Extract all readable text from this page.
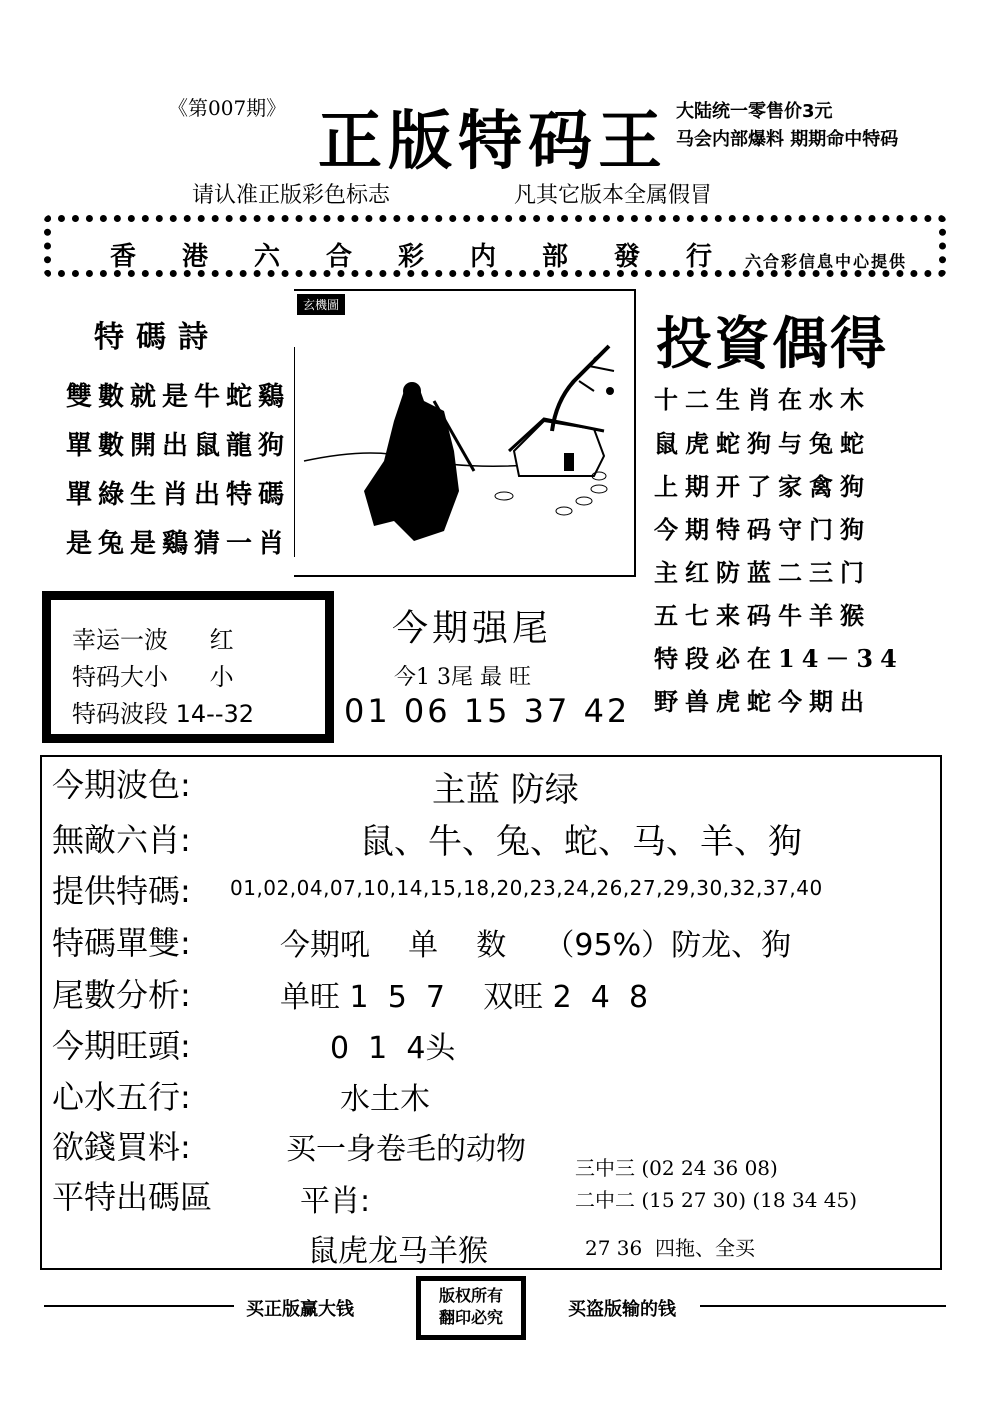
《第007期》 正版特码王 大陆统一零售价3元
马会内部爆料 期期命中特码
请认准正版彩色标志	凡其它版本全属假冒
香港六合彩内部發行
六合彩信息中心提供
特碼詩
雙數就是牛蛇鷄
單數開出鼠龍狗
單綠生肖出特碼
是兔是鷄猜一肖
玄機圖
投資偶得
十二生肖在水木
鼠虎蛇狗与兔蛇
上期开了家禽狗
今期特码守门狗
主红防蓝二三门
五七来码牛羊猴
特段必在14－34
野兽虎蛇今期出
幸运一波 红
特码大小 小
特码波段 14--32
今期强尾
今1 3尾 最 旺
01 06 15 37 42
今期波色:	主蓝 防绿
無敵六肖:	鼠、牛、兔、蛇、马、羊、狗
提供特碼: 01,02,04,07,10,14,15,18,20,23,24,26,27,29,30,32,37,40
特碼單雙:	今期吼    单    数    （95%）防龙、狗
尾數分析:	单旺 1  5  7    双旺 2  4  8
今期旺頭:	0  1  4头
心水五行:	水土木
欲錢買料:	买一身卷毛的动物
平特出碼區	平肖:
鼠虎龙马羊猴
三中三 (02 24 36 08)
二中二 (15 27 30) (18 34 45)
27 36  四拖、全买
买正版赢大钱
版权所有
翻印必究	买盗版输的钱
